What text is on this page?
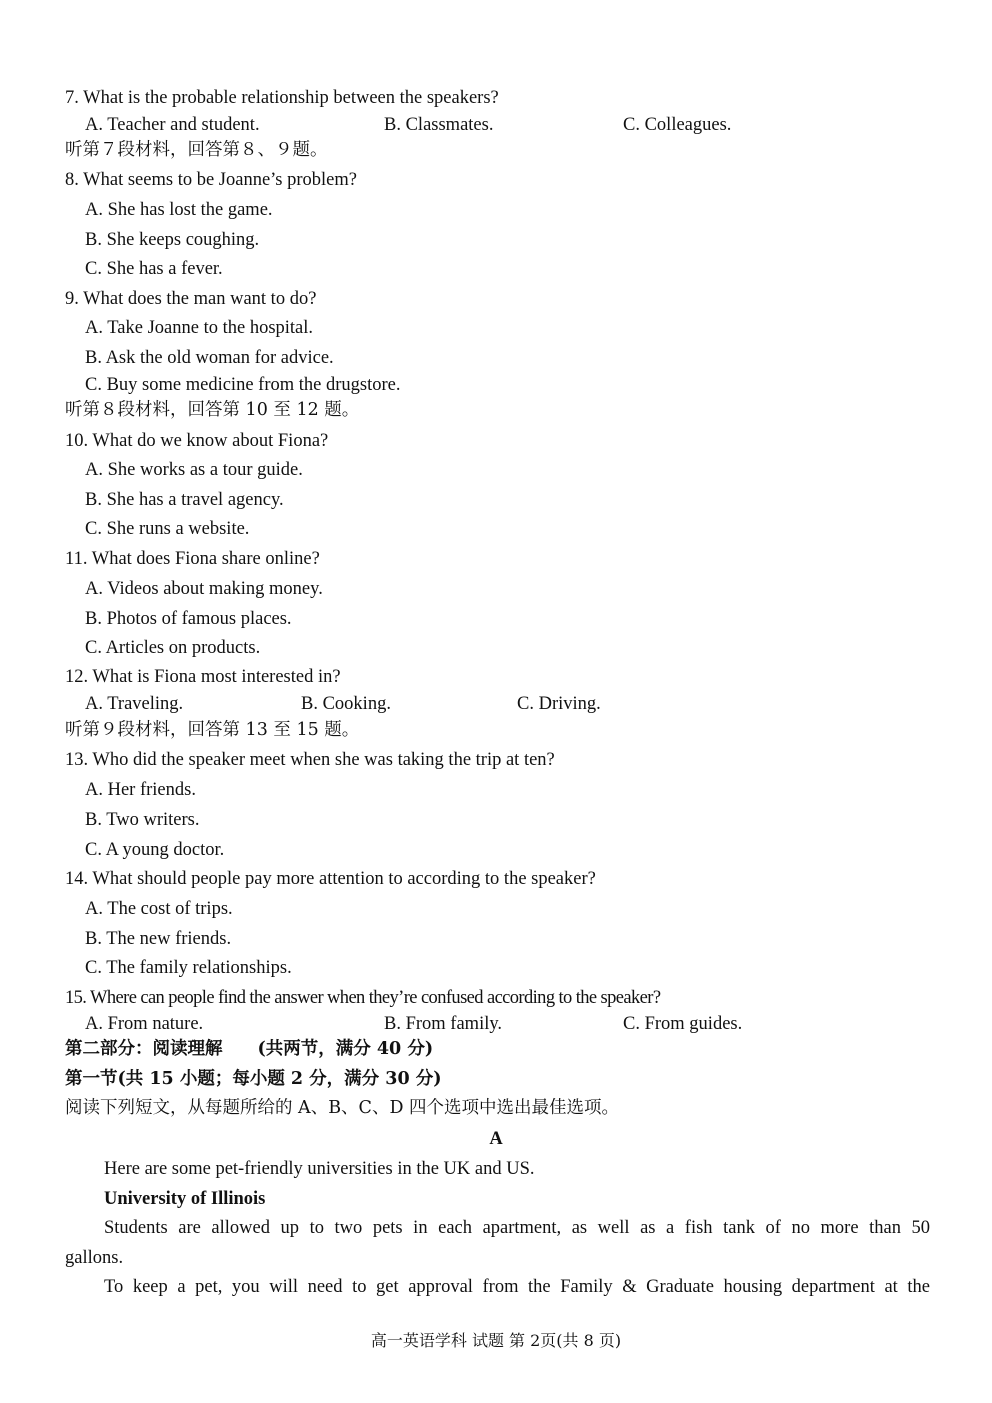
7. What is the probable relationship between the speakers?
A. Teacher and student.	B. Classmates.	C. Colleagues.
听第７段材料，回答第８、９题。
8. What seems to be Joanne’s problem?
A. She has lost the game.
B. She keeps coughing.
C. She has a fever.
9. What does the man want to do?
A. Take Joanne to the hospital.
B. Ask the old woman for advice.
C. Buy some medicine from the drugstore.
听第８段材料，回答第 10 至 12 题。
10. What do we know about Fiona?
A. She works as a tour guide.
B. She has a travel agency.
C. She runs a website.
11. What does Fiona share online?
A. Videos about making money.
B. Photos of famous places.
C. Articles on products.
12. What is Fiona most interested in?
A. Traveling.	B. Cooking.	C. Driving.
听第９段材料，回答第 13 至 15 题。
13. Who did the speaker meet when she was taking the trip at ten?
A. Her friends.
B. Two writers.
C. A young doctor.
14. What should people pay more attention to according to the speaker?
A. The cost of trips.
B. The new friends.
C. The family relationships.
15. Where can people find the answer when they’re confused according to the speaker?
A. From nature.	B. From family.	C. From guides.
第二部分：阅读理解　　(共两节，满分 40 分)
第一节(共 15 小题；每小题 2 分，满分 30 分)
阅读下列短文，从每题所给的 A、B、C、D 四个选项中选出最佳选项。
A
Here are some pet-friendly universities in the UK and US.
University of Illinois
Students are allowed up to two pets in each apartment, as well as a fish tank of no more than 50
gallons.
To keep a pet, you will need to get approval from the Family & Graduate housing department at the
高一英语学科 试题 第 2页(共 8 页)
